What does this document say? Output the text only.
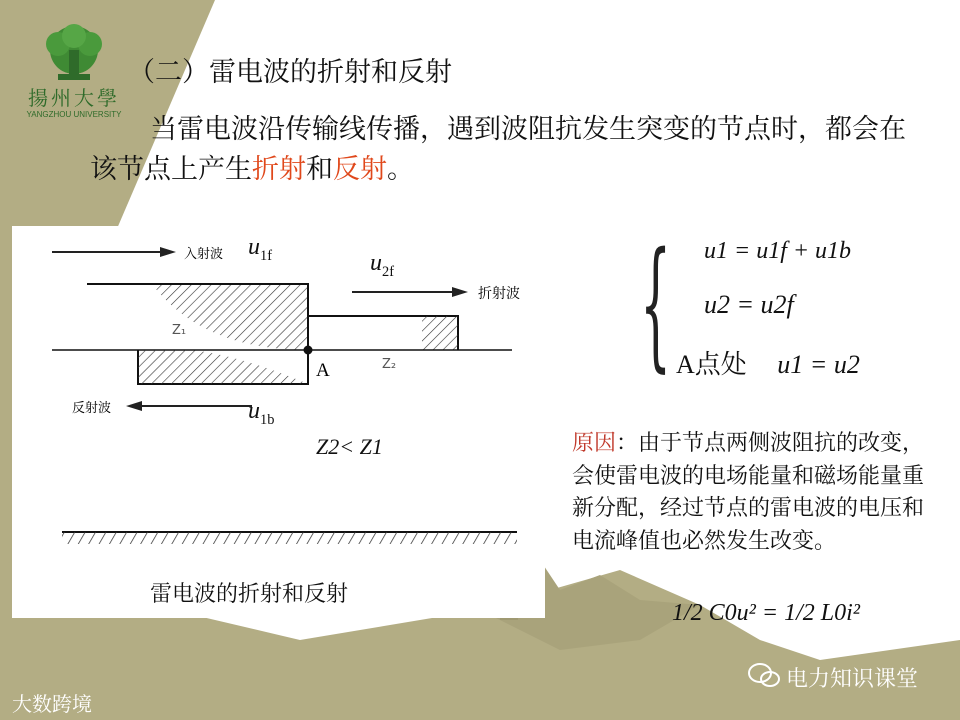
揚州大學
YANGZHOU UNIVERSITY
（二）雷电波的折射和反射
当雷电波沿传输线传播，遇到波阻抗发生突变的节点时，都会在该节点上产生折射和反射。
入射波
折射波
反射波
Z₁
Z₂
A
$u_{1f}$	$u_{2f}$
$u_{1b}$
Z2< Z1
雷电波的折射和反射
{ u1 = u1f + u1b
u2 = u2f
A点处 u1 = u2
原因：由于节点两侧波阻抗的改变，会使雷电波的电场能量和磁场能量重新分配，经过节点的雷电波的电压和电流峰值也必然发生改变。
1/2 C0u² = 1/2 L0i²
大数跨境
电力知识课堂
